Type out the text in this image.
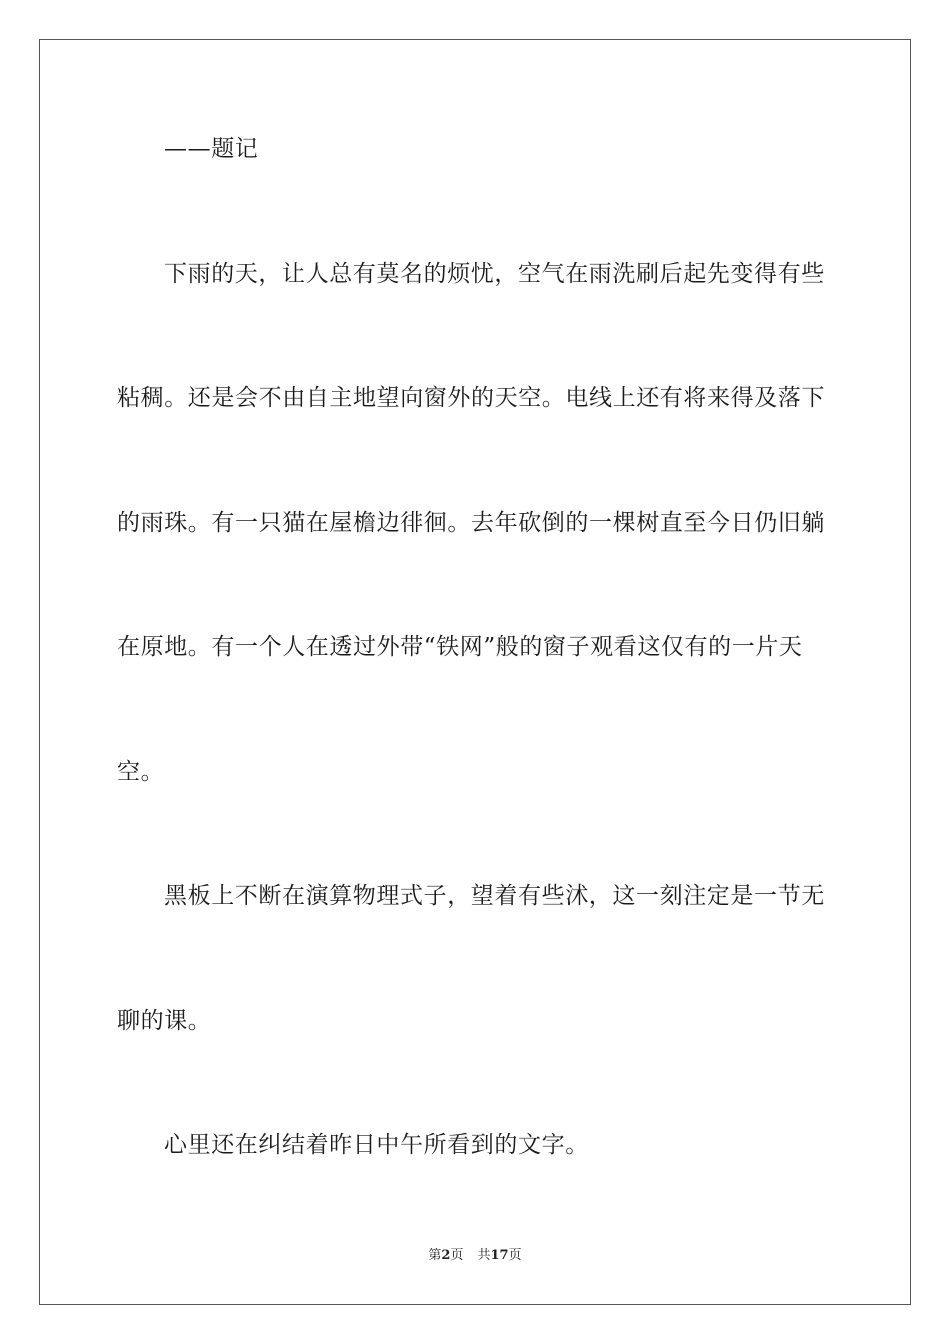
——题记
下雨的天，让人总有莫名的烦忧，空气在雨洗刷后起先变得有些
粘稠。还是会不由自主地望向窗外的天空。电线上还有将来得及落下
的雨珠。有一只猫在屋檐边徘徊。去年砍倒的一棵树直至今日仍旧躺
在原地。有一个人在透过外带“铁网”般的窗子观看这仅有的一片天
空。
黑板上不断在演算物理式子，望着有些沭，这一刻注定是一节无
聊的课。
心里还在纠结着昨日中午所看到的文字。
第2页 共17页
